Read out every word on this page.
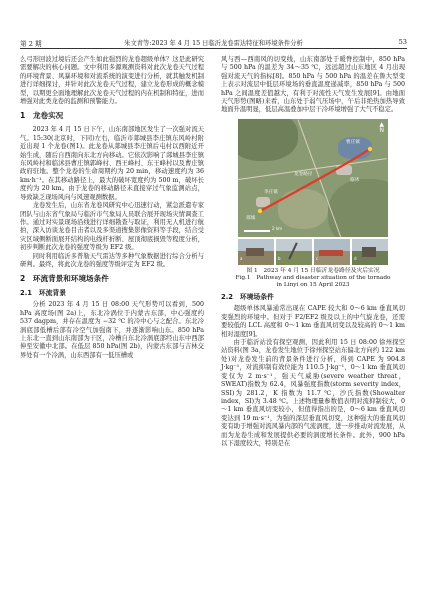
第 2 期	朱文青等:2023 年 4 月 15 日临沂龙卷雷达特征和环境条件分析	53

么弓形回波过境后还会产生如此强烈的龙卷超级单体？这是此研究需要解决的核心问题。文中利用多源观测资料对此次龙卷天气过程的环境背景、风暴环境和对流系统的演变进行分析，就其触发机制进行详细探讨，并针对此次龙卷天气过程，建立龙卷形成的概念模型，以期更全面地理解此次龙卷天气过程的内在机制和特征，进而增强对此类龙卷的监测和预警能力。

1　龙卷实况

2023 年 4 月 15 日下午，山东南部地区发生了一次强对流天气。15:30(北京时，下同)左右，临沂市郯城县李庄镇东风岭村附近出现 1 个龙卷(图1)。此龙卷从郯城县李庄镇后屯村以西附近开始生成，随后自西南向东北方向移动。它依次影响了郯城县李庄镇东风岭村和临沭县曹庄镇郭峰村、西王峰村、东王峰村以及曹庄镇政府驻地。整个龙卷的生命周期约为 20 min，移动速度约为 36 km·h⁻¹。在其移动路径上，最大的破坏宽度约为 500 m，破坏长度约为 20 km。由于龙卷的移动路径未直接穿过气象监测站点，导致缺乏现场风向与风速观测数据。

龙卷发生后，山东省龙卷风研究中心迅速行动，紧急派遣专家团队与山东省气象局与临沂市气象局人员联合展开现场灾情调查工作。通过对实景现场沿线进行详细勘查与取证，利用无人机进行航拍，深入访谈龙卷目击者以及多渠道搜集影像资料等手段，结合受灾区域侧断面展开结构的电线杆折断、屋顶彻底损毁等程度分析，初步判断此次龙卷的强度等级为 EF2 级。

同时利用临沂多普勒天气雷达等多种气象数据进行综合分析与研判。最终，将此次龙卷的强度等级评定为 EF2 级。

2　环流背景和环境场条件
2.1　环流背景

分析 2023 年 4 月 15 日 08:00 天气形势可以看到，500 hPa 高度场(图 2a)上，东北冷涡位于内蒙古东部，中心强度约 537 dagpm，并存在温度为 −32 ℃ 的冷中心与之配合。东北冷涡底部低槽后部有冷空气加强南下，并逐渐影响山东。850 hPa 上东北一直到山东南部为干区，冷槽自东北冷涡底部经山东中西部伸至安徽中北部。在低层 850 hPa(图 2b)，内蒙古东部与吉林交界处有一个冷涡，山东西部有一低压槽或

风与西—西南风的切变线，山东南部处于暖脊控制中，850 hPa 与 500 hPa 的温差为 34～35 ℃，远远超过山东地区 4 月出现强对流天气的指标[8]。850 hPa 与 500 hPa 的温差在鲁大型变上表示对流层中低层环境场的垂直温度递减率，850 hPa 与 500 hPa 之间温度差值越大，有利于对流性天气发生发展[9]。由地面天气形势(图略)来看，山东处于弱气压场中，午后非绝热加热导致地面升温明显，低层高温叠加中层干冷环境增强了大气不稳定。

郯城
临沭
龙卷路径
李庄镇
曹庄镇
▲
N
2 km
a	b	c	d
图 1　2023 年 4 月 15 日临沂龙卷路径及灾后实况
Fig.1　Pathway and disaster situation of the tornado
in Linyi on 15 April 2023
2.2　环境场条件

超级单体风暴通常出现在 CAPE 较大和 0～6 km 垂直风切变强烈的环境中。但对于 F2/EF2 级及以上的中气旋龙卷，还需要较低的 LCL 高度和 0～1 km 垂直风切变以及较高的 0～1 km 相对湿度[9]。

由于临沂站没有探空观测，因此利用 15 日 08:00 徐州探空站资料(图 3a，龙卷发生地位于徐州探空站东偏北方向约 122 km 处)对龙卷发生前的背景条件进行分析，得到 CAPE 为 904.8 J·kg⁻¹，对流抑制有效位能为 110.5 J·kg⁻¹，0～1 km 垂直风切变仅为 2 m·s⁻¹，强天气威胁(severe weather threat，SWEAT)指数为 62.4，风暴强度指数(storm severity index，SSI)为 281.2，K 指数为 11.7 ℃，沙氏指数(Showalter index，SI)为 3.48 ℃。上述物理量参数值表明对流抑制较大，0～1 km 垂直风切变较小，但值得指出的是，0～6 km 垂直风切变达到 19 m·s⁻¹，为强的深层垂直风切变，这种强大的垂直风切变有助于增强对流风暴内部的气流涡度，进一步推动对流发展，从而为龙卷生成和发展提供必要的涡度增长条件。此外，900 hPa 以下湿度较大，特别是在
